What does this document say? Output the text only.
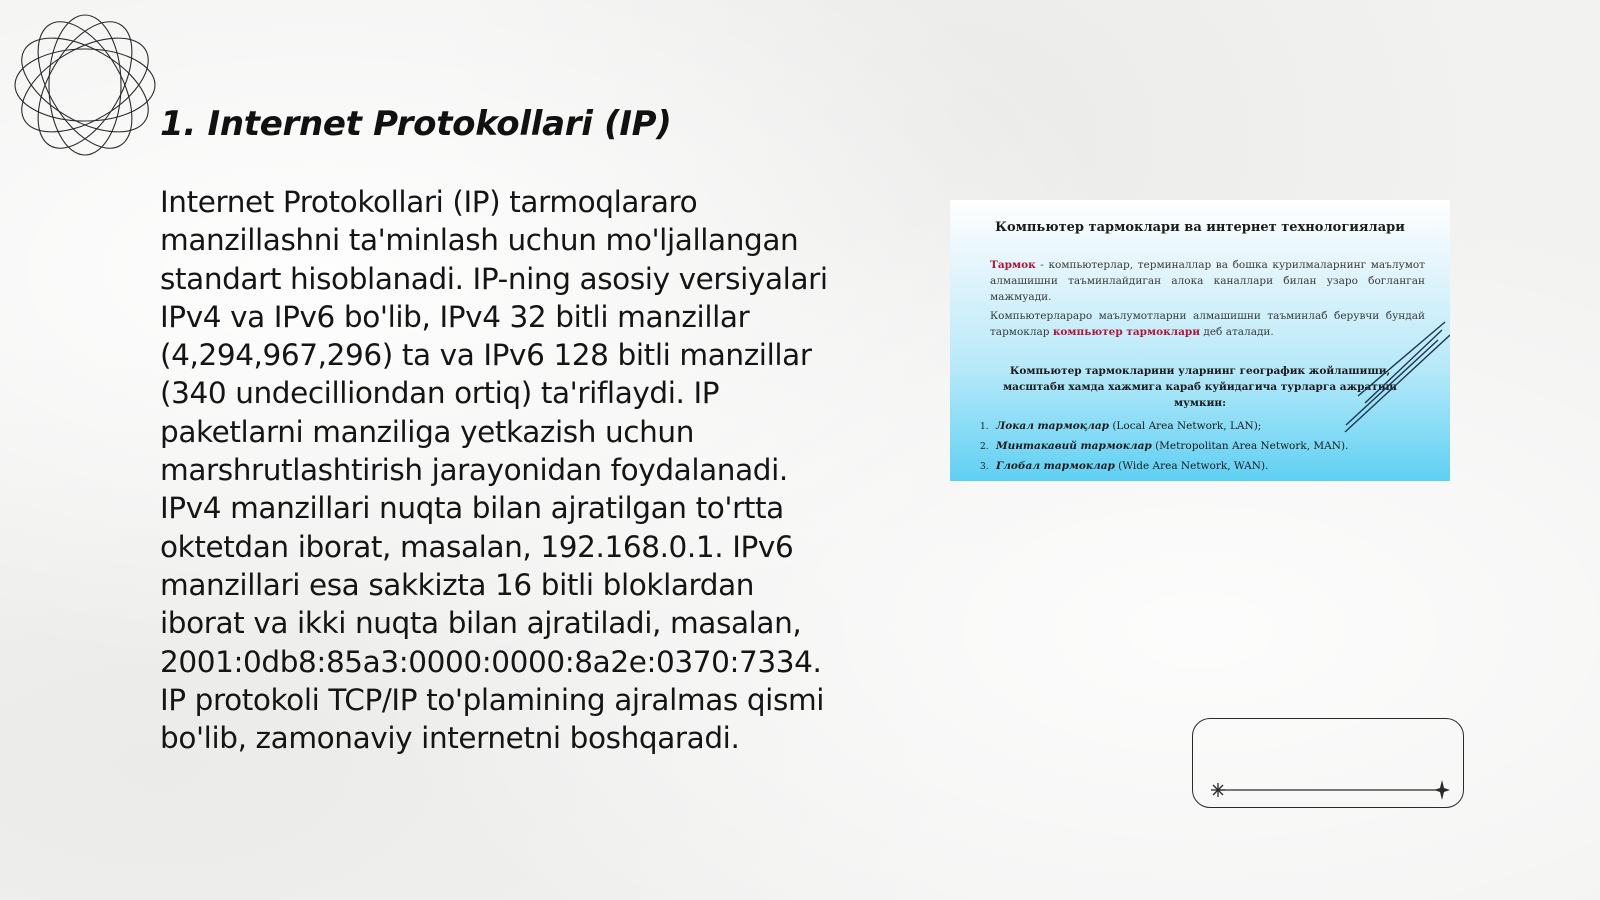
1. Internet Protokollari (IP)

Internet Protokollari (IP) tarmoqlararo manzillashni ta'minlash uchun mo'ljallangan standart hisoblanadi. IP-ning asosiy versiyalari IPv4 va IPv6 bo'lib, IPv4 32 bitli manzillar (4,294,967,296) ta va IPv6 128 bitli manzillar (340 undecilliondan ortiq) ta'riflaydi. IP paketlarni manziliga yetkazish uchun marshrutlashtirish jarayonidan foydalanadi. IPv4 manzillari nuqta bilan ajratilgan to'rtta oktetdan iborat, masalan, 192.168.0.1. IPv6 manzillari esa sakkizta 16 bitli bloklardan iborat va ikki nuqta bilan ajratiladi, masalan, 2001:0db8:85a3:0000:0000:8a2e:0370:7334. IP protokoli TCP/IP to'plamining ajralmas qismi bo'lib, zamonaviy internetni boshqaradi.

Компьютер тармоклари ва интернет технологиялари
Тармок - компьютерлар, терминаллар ва бошка курилмаларнинг маълумот алмашишни таъминлайдиган алока каналлари билан узаро богланган мажмуади.
Компьютерлараро маълумотларни алмашишни таъминлаб берувчи бундай тармоклар компьютер тармоклари деб аталади.
Компьютер тармокларини уларнинг географик жойлашиши, масштаби хамда хажмига караб куйидагича турларга ажратиш мумкин:
1. Локал тармоқлар (Local Area Network, LAN);
2. Минтакавий тармоклар (Metropolitan Area Network, MAN).
3. Глобал тармоклар (Wide Area Network, WAN).
